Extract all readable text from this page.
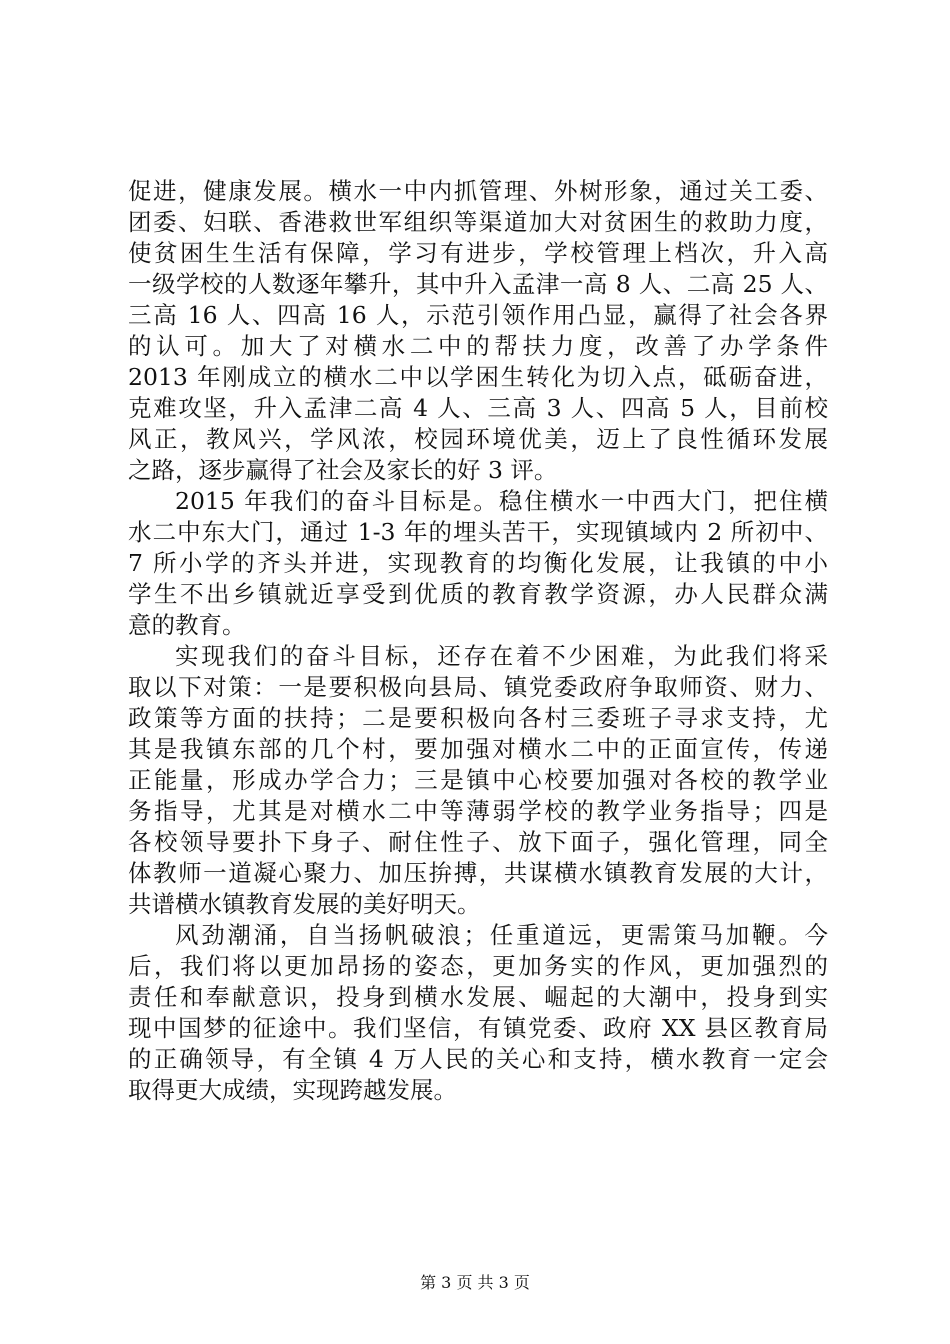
促进，健康发展。横水一中内抓管理、外树形象，通过关工委、
团委、妇联、香港救世军组织等渠道加大对贫困生的救助力度，
使贫困生生活有保障，学习有进步，学校管理上档次，升入高
一级学校的人数逐年攀升，其中升入孟津一高 8 人、二高 25 人、
三高 16 人、四高 16 人，示范引领作用凸显，赢得了社会各界
的认可。加大了对横水二中的帮扶力度，改善了办学条件
2013 年刚成立的横水二中以学困生转化为切入点，砥砺奋进，
克难攻坚，升入孟津二高 4 人、三高 3 人、四高 5 人，目前校
风正，教风兴，学风浓，校园环境优美，迈上了良性循环发展
之路，逐步赢得了社会及家长的好 3 评。
2015 年我们的奋斗目标是。稳住横水一中西大门，把住横
水二中东大门，通过 1-3 年的埋头苦干，实现镇域内 2 所初中、
7 所小学的齐头并进，实现教育的均衡化发展，让我镇的中小
学生不出乡镇就近享受到优质的教育教学资源，办人民群众满
意的教育。
实现我们的奋斗目标，还存在着不少困难，为此我们将采
取以下对策：一是要积极向县局、镇党委政府争取师资、财力、
政策等方面的扶持；二是要积极向各村三委班子寻求支持，尤
其是我镇东部的几个村，要加强对横水二中的正面宣传，传递
正能量，形成办学合力；三是镇中心校要加强对各校的教学业
务指导，尤其是对横水二中等薄弱学校的教学业务指导；四是
各校领导要扑下身子、耐住性子、放下面子，强化管理，同全
体教师一道凝心聚力、加压拚搏，共谋横水镇教育发展的大计，
共谱横水镇教育发展的美好明天。
风劲潮涌，自当扬帆破浪；任重道远，更需策马加鞭。今
后，我们将以更加昂扬的姿态，更加务实的作风，更加强烈的
责任和奉献意识，投身到横水发展、崛起的大潮中，投身到实
现中国梦的征途中。我们坚信，有镇党委、政府 XX 县区教育局
的正确领导，有全镇 4 万人民的关心和支持，横水教育一定会
取得更大成绩，实现跨越发展。
第 3 页 共 3 页
